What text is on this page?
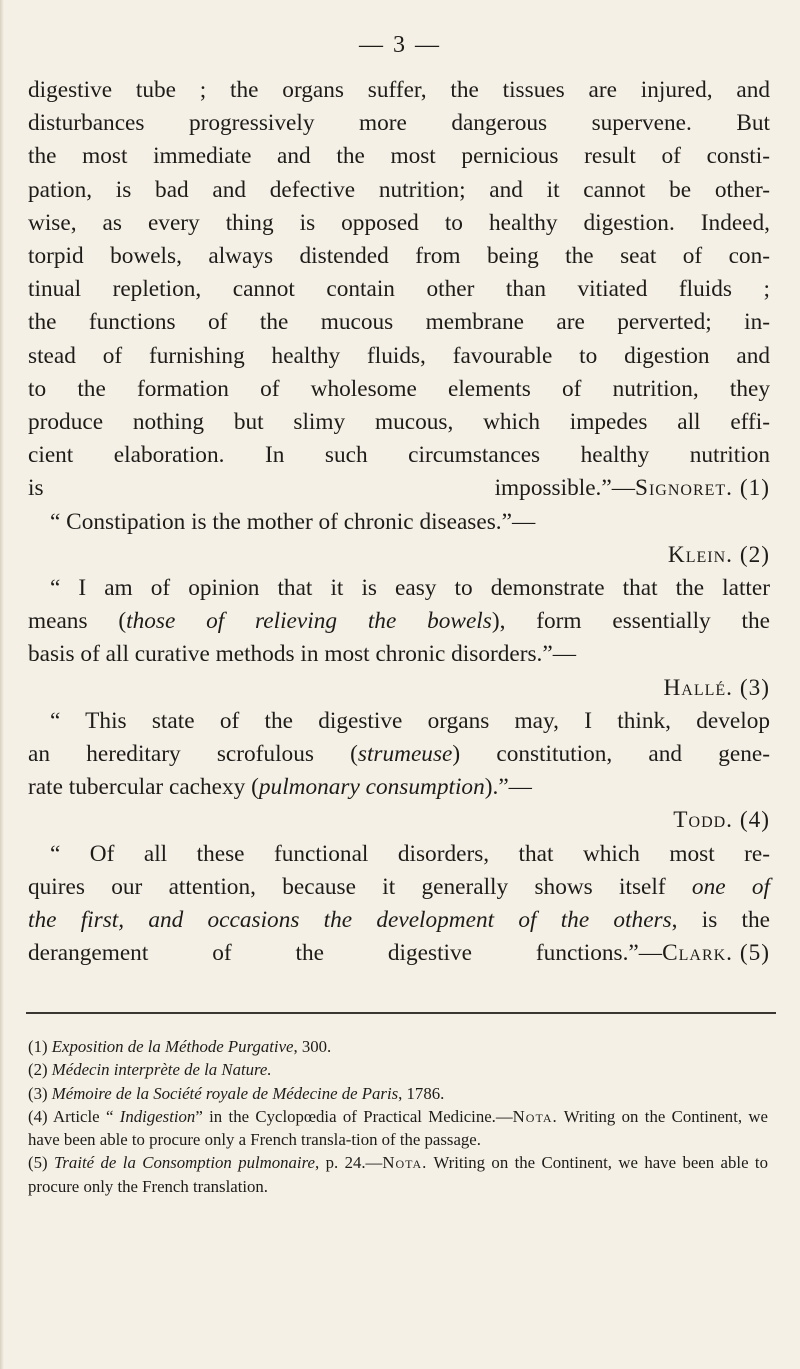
— 3 —

digestive tube ; the organs suffer, the tissues are injured, and

disturbances progressively more dangerous supervene. But

the most immediate and the most pernicious result of consti-

pation, is bad and defective nutrition; and it cannot be other-

wise, as every thing is opposed to healthy digestion. Indeed,

torpid bowels, always distended from being the seat of con-

tinual repletion, cannot contain other than vitiated fluids ;

the functions of the mucous membrane are perverted; in-

stead of furnishing healthy fluids, favourable to digestion and

to the formation of wholesome elements of nutrition, they

produce nothing but slimy mucous, which impedes all effi-

cient elaboration. In such circumstances healthy nutrition

is impossible.”— Signoret. (1)

“ Constipation is the mother of chronic diseases.”—

Klein. (2)

“ I am of opinion that it is easy to demonstrate that the latter

means (those of relieving the bowels), form essentially the

basis of all curative methods in most chronic disorders.”—

Hallé. (3)

“ This state of the digestive organs may, I think, develop

an hereditary scrofulous (strumeuse) constitution, and gene-

rate tubercular cachexy (pulmonary consumption).”—

Todd. (4)

“ Of all these functional disorders, that which most re-

quires our attention, because it generally shows itself one of

the first, and occasions the development of the others, is the

derangement of the digestive functions.”— Clark. (5)

(1) Exposition de la Méthode Purgative, 300.

(2) Médecin interprète de la Nature.

(3) Mémoire de la Société royale de Médecine de Paris, 1786.

(4) Article “ Indigestion” in the Cyclopœdia of Practical Medicine.—Nota. Writing on the Continent, we have been able to procure only a French transla-tion of the passage.

(5) Traité de la Consomption pulmonaire, p. 24.—Nota. Writing on the Continent, we have been able to procure only the French translation.
